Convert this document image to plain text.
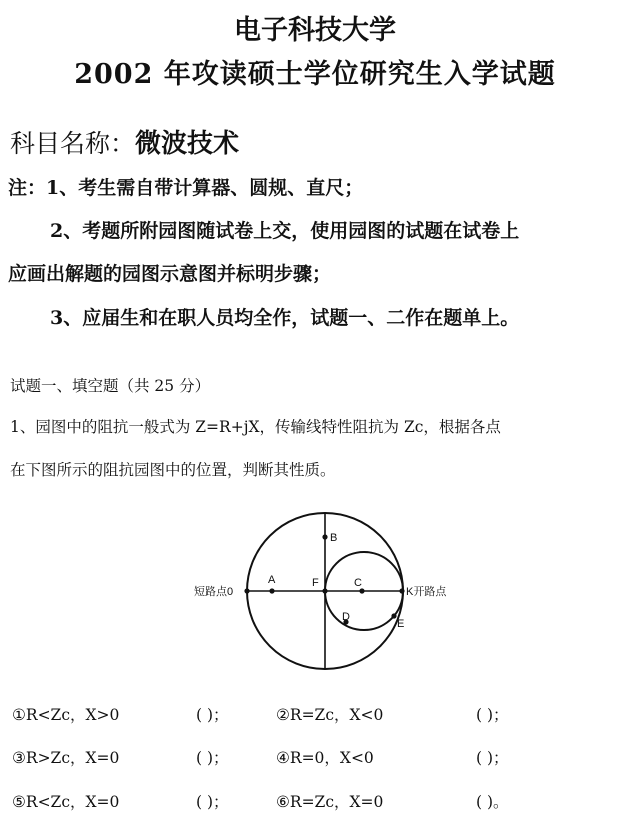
电子科技大学
2002 年攻读硕士学位研究生入学试题
科目名称：微波技术
注：1、考生需自带计算器、圆规、直尺；
2、考题所附园图随试卷上交，使用园图的试题在试卷上
应画出解题的园图示意图并标明步骤；
3、应届生和在职人员均全作，试题一、二作在题单上。
试题一、填空题（共 25 分）
1、园图中的阻抗一般式为 Z=R+jX，传输线特性阻抗为 Zc，根据各点
在下图所示的阻抗园图中的位置，判断其性质。
短路点0	K开路点
A
B
F	C
D
E
①R<Zc，X>0	( )；	②R=Zc，X<0	( )；
③R>Zc，X=0	( )；	④R=0，X<0	( )；
⑤R<Zc，X=0	( )；	⑥R=Zc，X=0	( )。
